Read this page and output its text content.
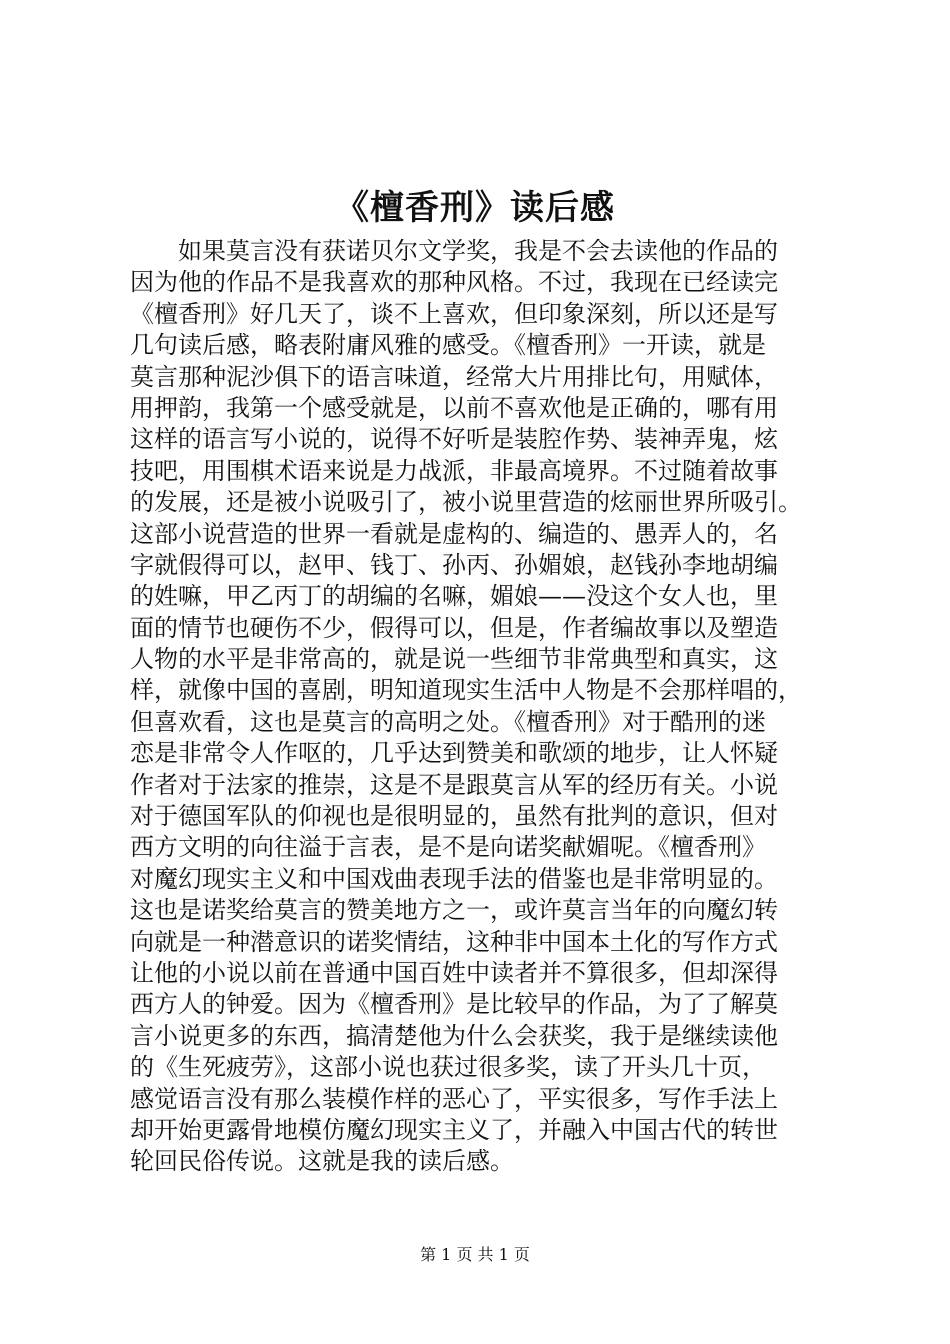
《檀香刑》读后感
如果莫言没有获诺贝尔文学奖，我是不会去读他的作品的
因为他的作品不是我喜欢的那种风格。不过，我现在已经读完
《檀香刑》好几天了，谈不上喜欢，但印象深刻，所以还是写
几句读后感，略表附庸风雅的感受。《檀香刑》一开读，就是
莫言那种泥沙俱下的语言味道，经常大片用排比句，用赋体，
用押韵，我第一个感受就是，以前不喜欢他是正确的，哪有用
这样的语言写小说的，说得不好听是装腔作势、装神弄鬼，炫
技吧，用围棋术语来说是力战派，非最高境界。不过随着故事
的发展，还是被小说吸引了，被小说里营造的炫丽世界所吸引。
这部小说营造的世界一看就是虚构的、编造的、愚弄人的，名
字就假得可以，赵甲、钱丁、孙丙、孙媚娘，赵钱孙李地胡编
的姓嘛，甲乙丙丁的胡编的名嘛，媚娘——没这个女人也，里
面的情节也硬伤不少，假得可以，但是，作者编故事以及塑造
人物的水平是非常高的，就是说一些细节非常典型和真实，这
样，就像中国的喜剧，明知道现实生活中人物是不会那样唱的，
但喜欢看，这也是莫言的高明之处。《檀香刑》对于酷刑的迷
恋是非常令人作呕的，几乎达到赞美和歌颂的地步，让人怀疑
作者对于法家的推崇，这是不是跟莫言从军的经历有关。小说
对于德国军队的仰视也是很明显的，虽然有批判的意识，但对
西方文明的向往溢于言表，是不是向诺奖献媚呢。《檀香刑》
对魔幻现实主义和中国戏曲表现手法的借鉴也是非常明显的。
这也是诺奖给莫言的赞美地方之一，或许莫言当年的向魔幻转
向就是一种潜意识的诺奖情结，这种非中国本土化的写作方式
让他的小说以前在普通中国百姓中读者并不算很多，但却深得
西方人的钟爱。因为《檀香刑》是比较早的作品，为了了解莫
言小说更多的东西，搞清楚他为什么会获奖，我于是继续读他
的《生死疲劳》，这部小说也获过很多奖，读了开头几十页，
感觉语言没有那么装模作样的恶心了，平实很多，写作手法上
却开始更露骨地模仿魔幻现实主义了，并融入中国古代的转世
轮回民俗传说。这就是我的读后感。
第 1 页 共 1 页
